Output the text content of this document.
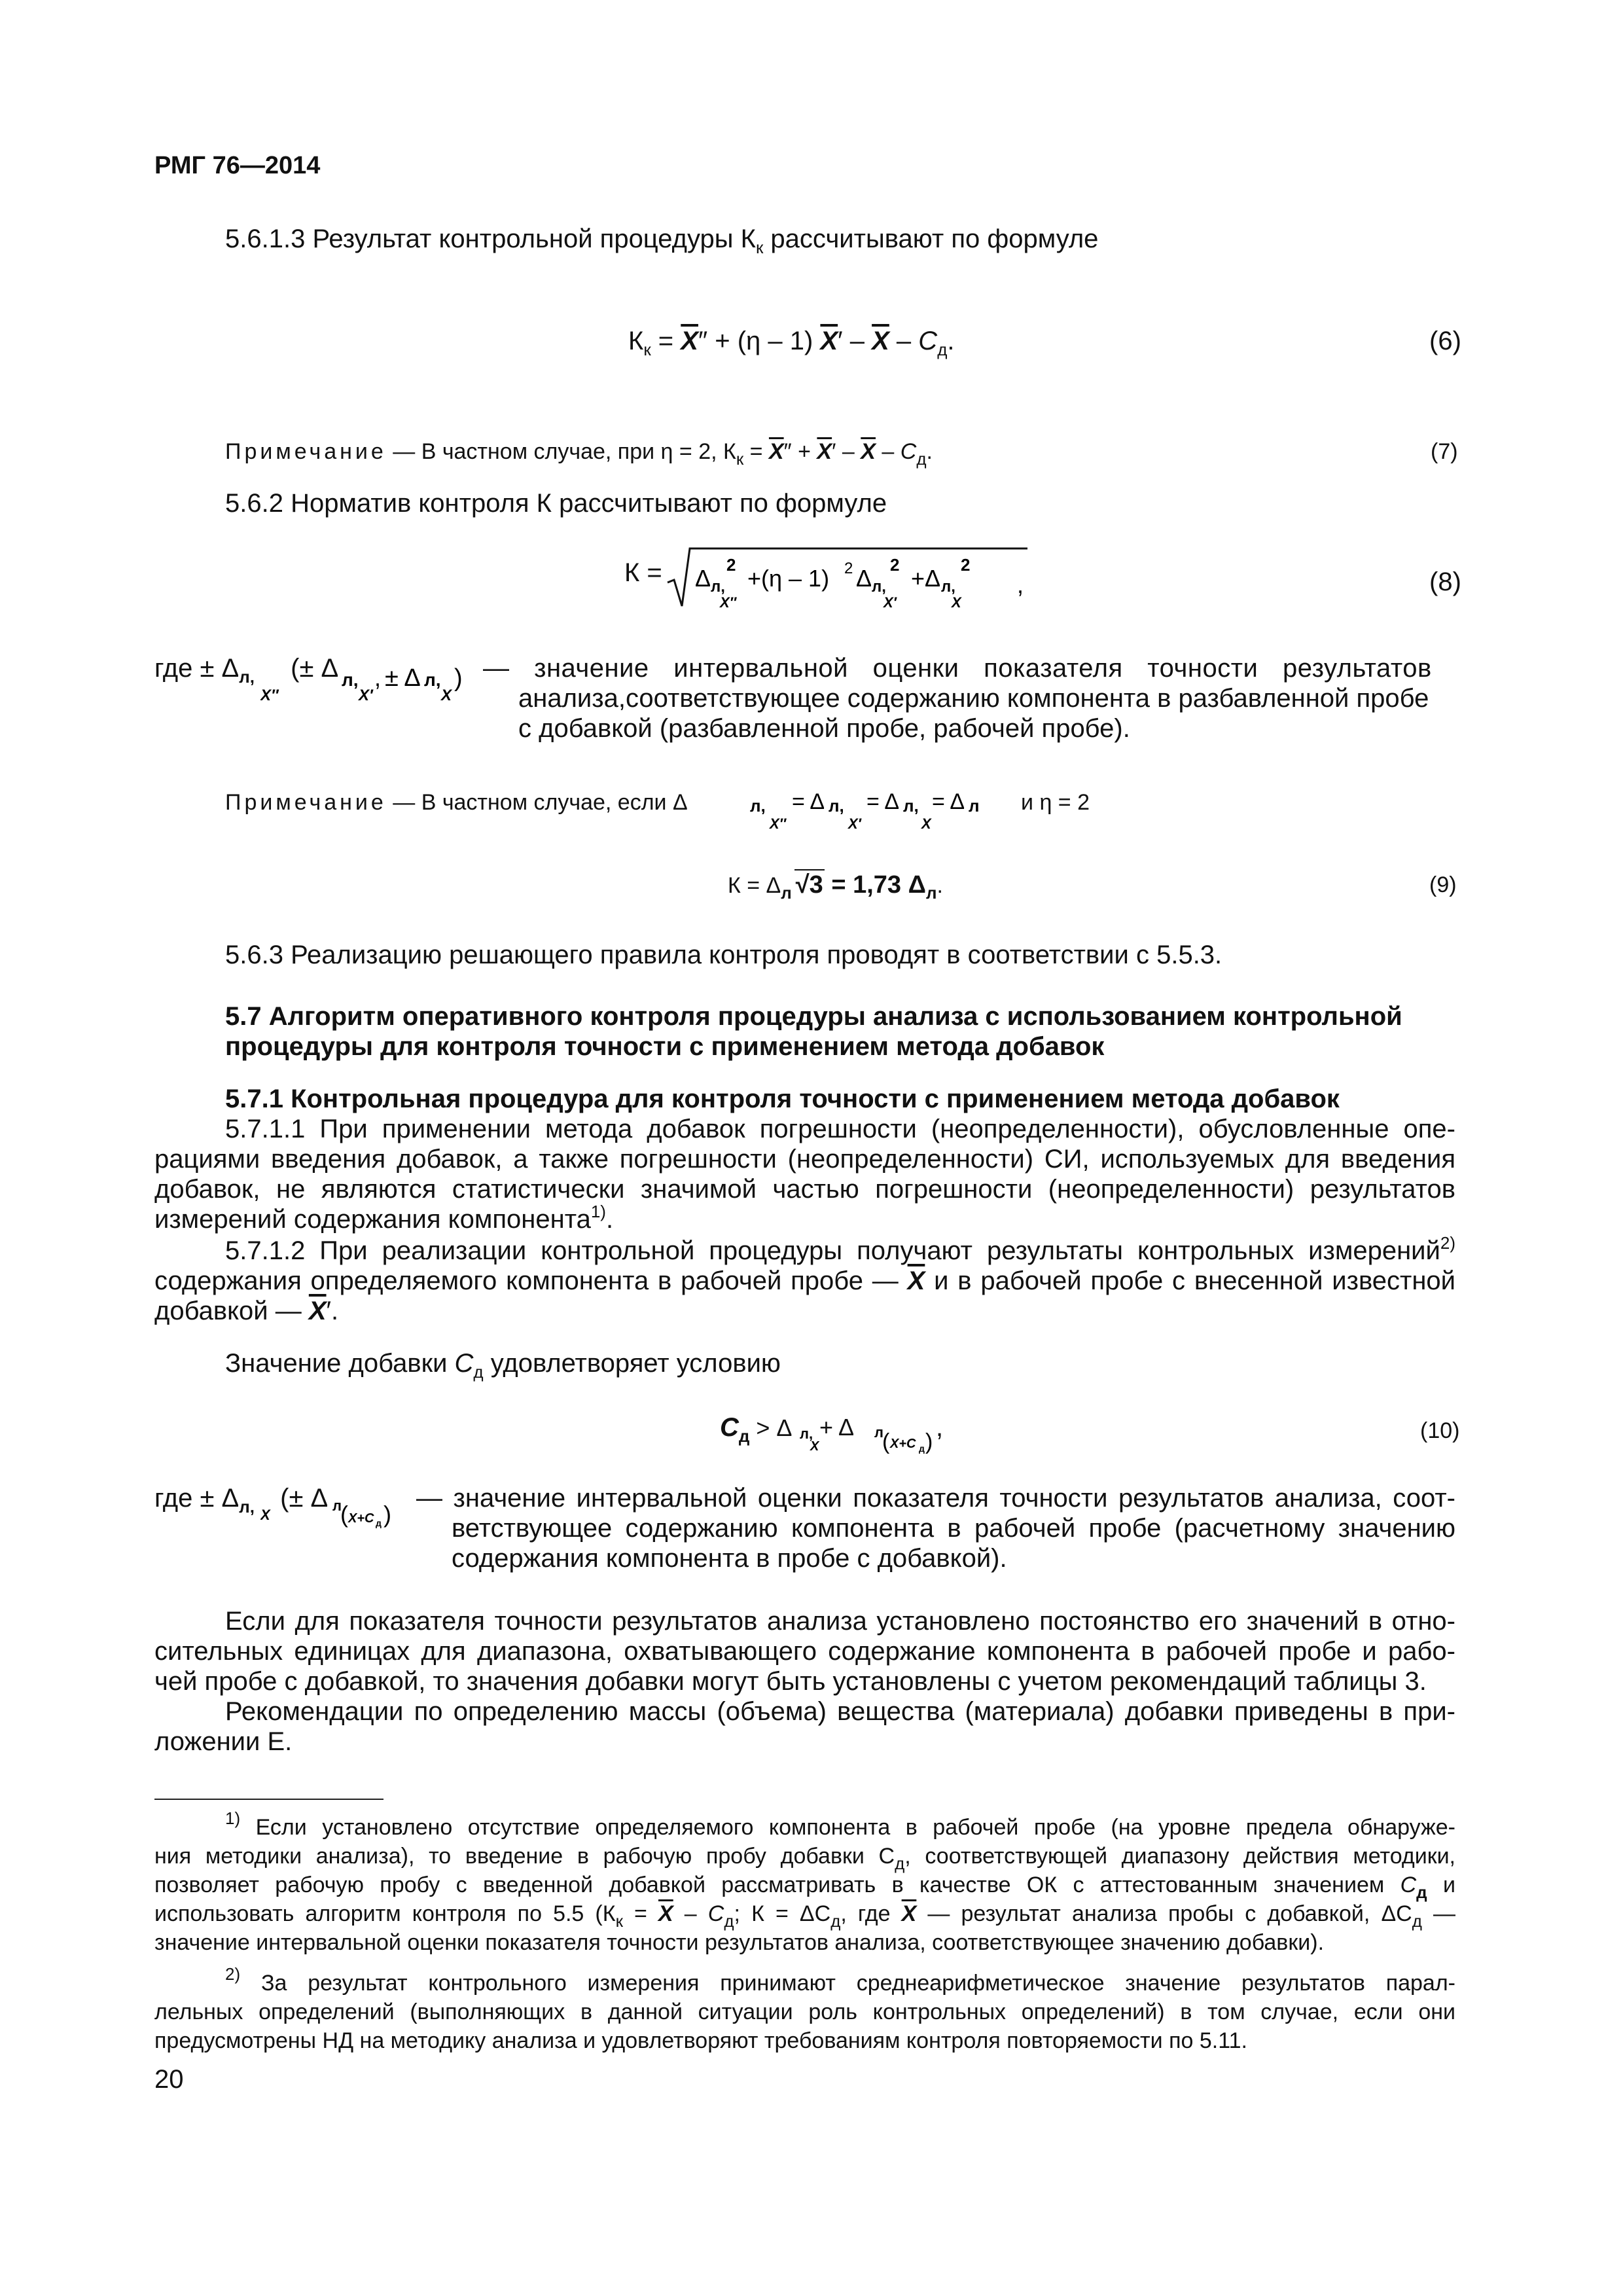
РМГ 76—2014
5.6.1.3 Результат контрольной процедуры $К_к$ рассчитывают по формуле
$К_к = \overline{X}'' + (\eta - 1)$ $\overline{X}' - \overline{X} - C_д$.	(6)
Примечание — В частном случае, при η = 2, $К_к = \overline{X}'' + \overline{X}' - \overline{X} - C_д$.	(7)
5.6.2 Норматив контроля К рассчитывают по формуле
К = Δ л,
X″
2 +(η – 1) 2 Δ л,
X′
2 +Δ л,
X
2
,	(8)
где ± $\Delta_{л,}$ (± Δ
X″
л,
X′
, ± Δ л,
X
) — значение интервальной оценки показателя точности результатов
анализа,соответствующее содержанию компонента в разбавленной пробе
с добавкой (разбавленной пробе, рабочей пробе).
Примечание — В частном случае, если Δ	л,
X″
= Δ л,
X′
= Δ л,
X
= Δ л и η = 2
$К = \Delta_л$ √3 = 1,73 $\Delta_л$.	(9)
5.6.3 Реализацию решающего правила контроля проводят в соответствии с 5.5.3.
5.7 Алгоритм оперативного контроля процедуры анализа с использованием контрольной
процедуры для контроля точности с применением метода добавок
5.7.1 Контрольная процедура для контроля точности с применением метода добавок
5.7.1.1 При применении метода добавок погрешности (неопределенности), обусловленные опе-
рациями введения добавок, а также погрешности (неопределенности) СИ, используемых для введения
добавок, не являются статистически значимой частью погрешности (неопределенности) результатов
измерений содержания компонента$^{1)}$.
5.7.1.2 При реализации контрольной процедуры получают результаты контрольных измерений$^{2)}$
содержания определяемого компонента в рабочей пробе — $\overline{X}$ и в рабочей пробе с внесенной известной
добавкой — $\overline{X}'$.
Значение добавки $C_д$ удовлетворяет условию
$C_д > \Delta$ л,
X
+ Δ л
( X+C д ) ,	(10)
где ± $\Delta_{л,}$ (± Δ
X
л
( X+C д )
— значение интервальной оценки показателя точности результатов анализа, соот-
ветствующее содержанию компонента в рабочей пробе (расчетному значению
содержания компонента в пробе с добавкой).
Если для показателя точности результатов анализа установлено постоянство его значений в отно-
сительных единицах для диапазона, охватывающего содержание компонента в рабочей пробе и рабо-
чей пробе с добавкой, то значения добавки могут быть установлены с учетом рекомендаций таблицы 3.
Рекомендации по определению массы (объема) вещества (материала) добавки приведены в при-
ложении Е.
$^{1)}$ Если установлено отсутствие определяемого компонента в рабочей пробе (на уровне предела обнаруже-
ния методики анализа), то введение в рабочую пробу добавки $С_д$, соответствующей диапазону действия методики,
позволяет рабочую пробу с введенной добавкой рассматривать в качестве ОК с аттестованным значением $С_д$ и
использовать алгоритм контроля по 5.5 ($К_к = \overline{X} - C_д$; $К = \Delta C_д$, где $\overline{X}$ — результат анализа пробы с добавкой, $\Delta C_д$ —
значение интервальной оценки показателя точности результатов анализа, соответствующее значению добавки).
$^{2)}$ За результат контрольного измерения принимают среднеарифметическое значение результатов парал-
лельных определений (выполняющих в данной ситуации роль контрольных определений) в том случае, если они
предусмотрены НД на методику анализа и удовлетворяют требованиям контроля повторяемости по 5.11.
20
